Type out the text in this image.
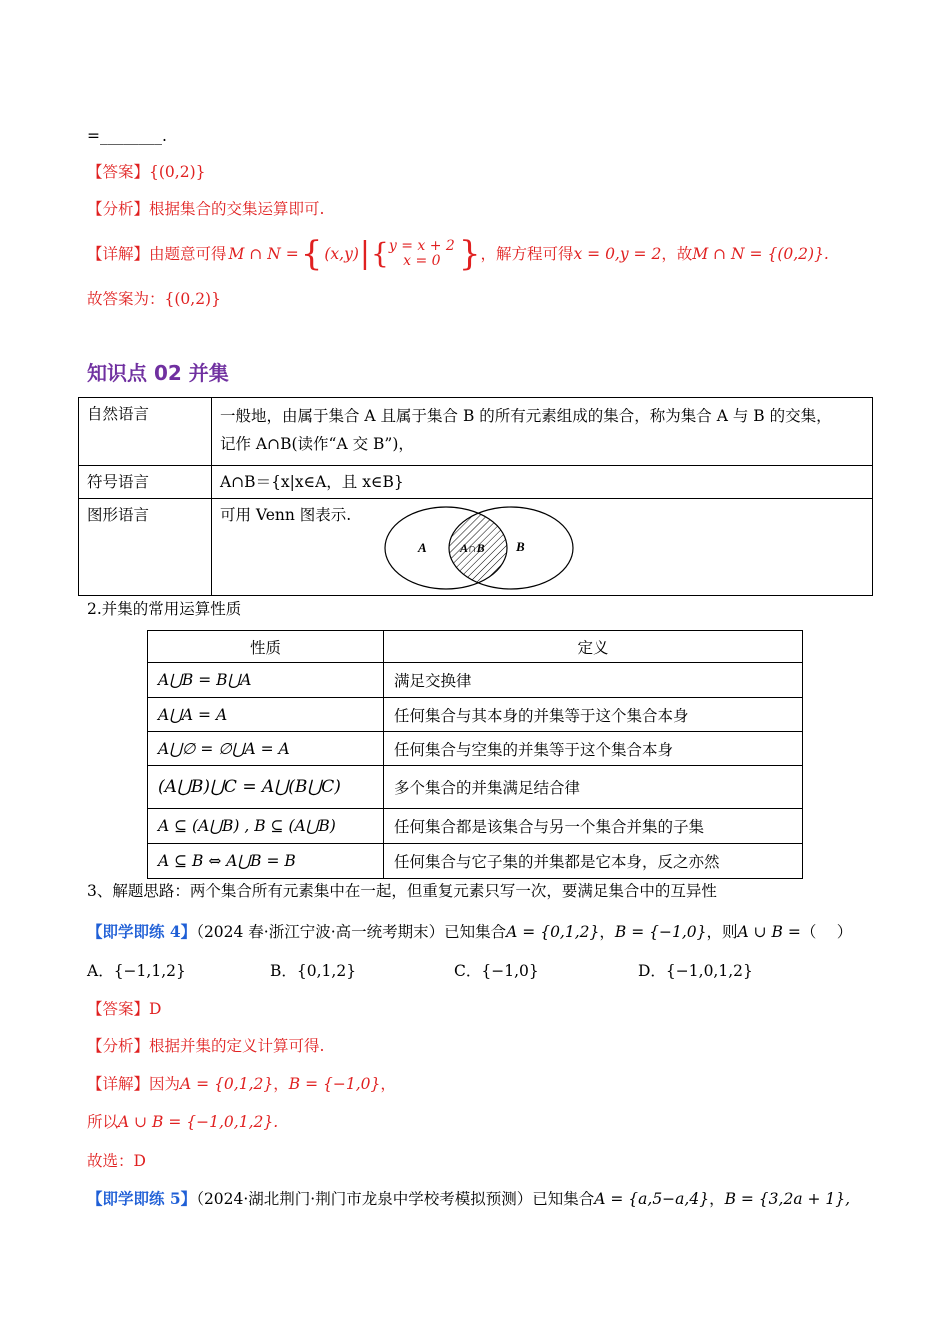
=________.
【答案】{(0,2)}
【分析】根据集合的交集运算即可.
【详解】 由题意可得 M ∩ N = { (x,y) | { y = x + 2
x = 0 } ，解方程可得 x = 0,y = 2 ，故 M ∩ N = {(0,2)}.
故答案为：{(0,2)}
知识点 02 并集
自然语言	一般地，由属于集合 A 且属于集合 B 的所有元素组成的集合，称为集合 A 与 B 的交集，
记作 A∩B(读作“A 交 B”)，

符号语言	A∩B＝{x|x∈A，且 x∈B}
图形语言	可用 Venn 图表示.
A A∩B B
2.并集的常用运算性质
性质	定义
A⋃B = B⋃A	满足交换律
A⋃A = A	任何集合与其本身的并集等于这个集合本身
A⋃∅ = ∅⋃A = A	任何集合与空集的并集等于这个集合本身
(A⋃B)⋃C = A⋃(B⋃C)	多个集合的并集满足结合律
A ⊆ (A⋃B) , B ⊆ (A⋃B)	任何集合都是该集合与另一个集合并集的子集
A ⊆ B ⇔ A⋃B = B	任何集合与它子集的并集都是它本身，反之亦然
3、解题思路：两个集合所有元素集中在一起，但重复元素只写一次，要满足集合中的互异性
【即学即练 4】（2024 春·浙江宁波·高一统考期末）已知集合A = {0,1,2}，B = {−1,0}，则A ∪ B =（　 ）
A．{−1,1,2}	B．{0,1,2}	C．{−1,0}	D．{−1,0,1,2}
【答案】D
【分析】根据并集的定义计算可得.
【详解】因为A = {0,1,2}，B = {−1,0}，
所以A ∪ B = {−1,0,1,2}.
故选：D
【即学即练 5】（2024·湖北荆门·荆门市龙泉中学校考模拟预测）已知集合A = {a,5−a,4}，B = {3,2a + 1},
